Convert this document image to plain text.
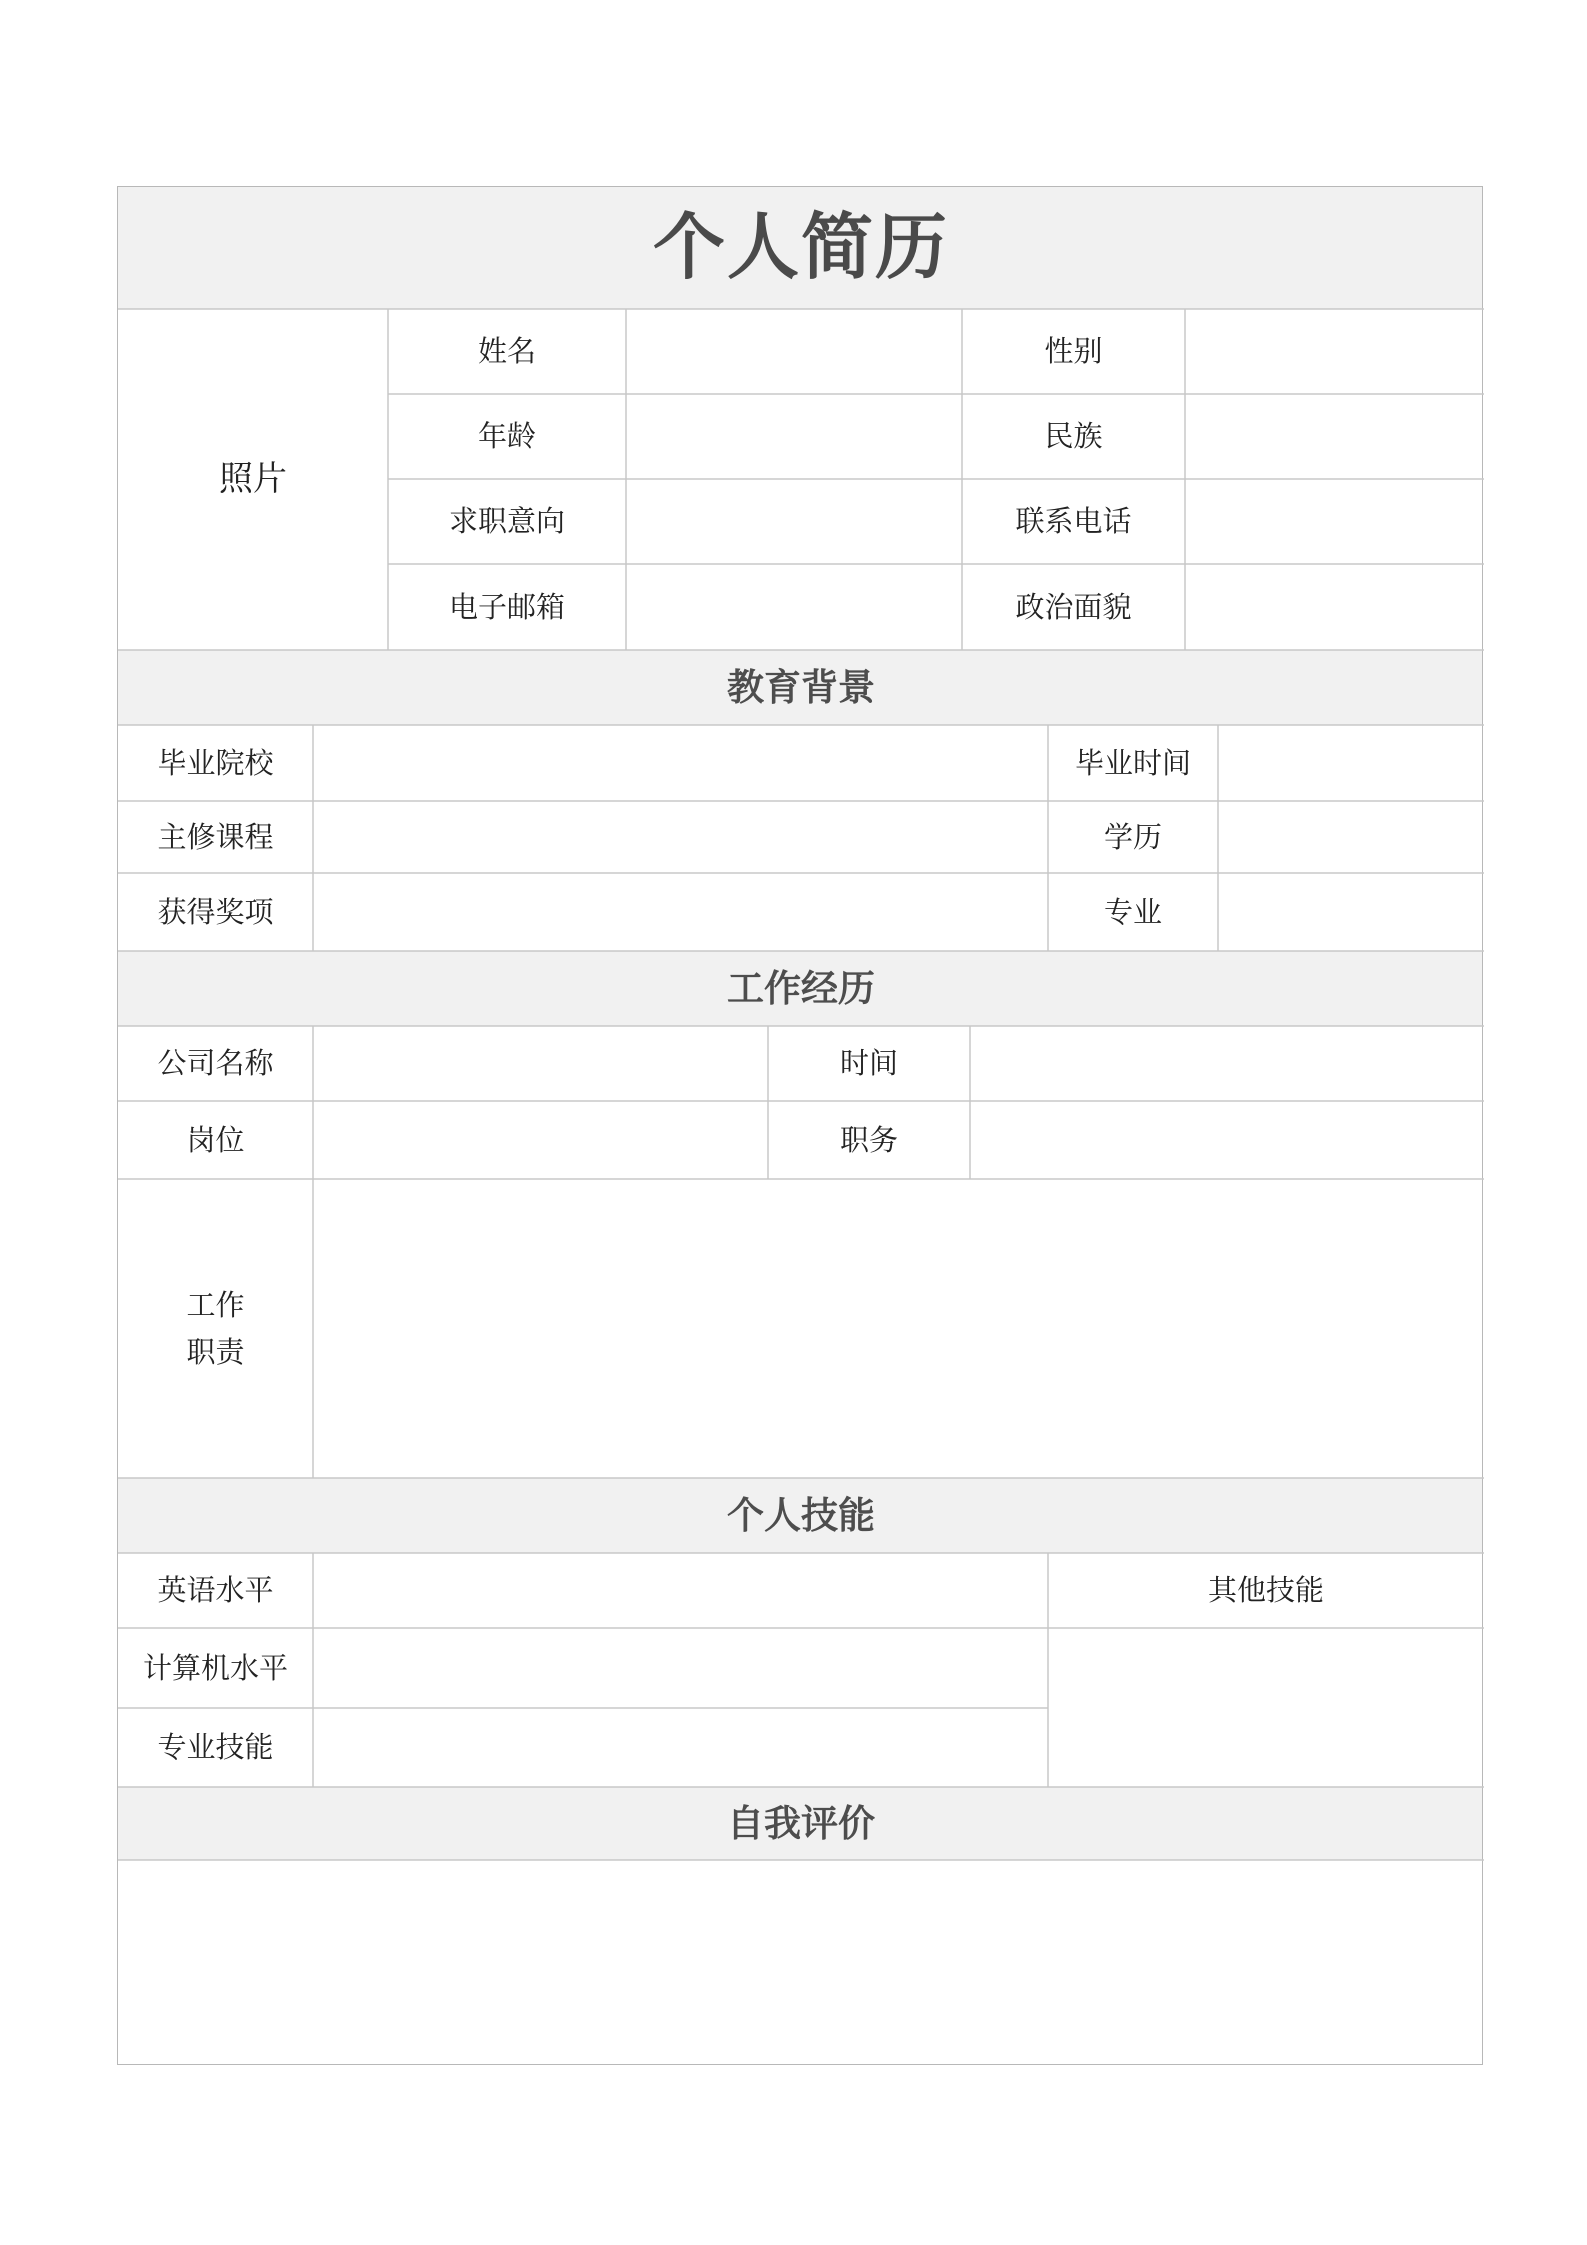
个人简历
照片
姓名	性别
年龄	民族
求职意向	联系电话
电子邮箱	政治面貌
教育背景
毕业院校	毕业时间
主修课程	学历
获得奖项	专业
工作经历
公司名称	时间
岗位	职务
工作
职责
个人技能
英语水平	其他技能
计算机水平
专业技能
自我评价
